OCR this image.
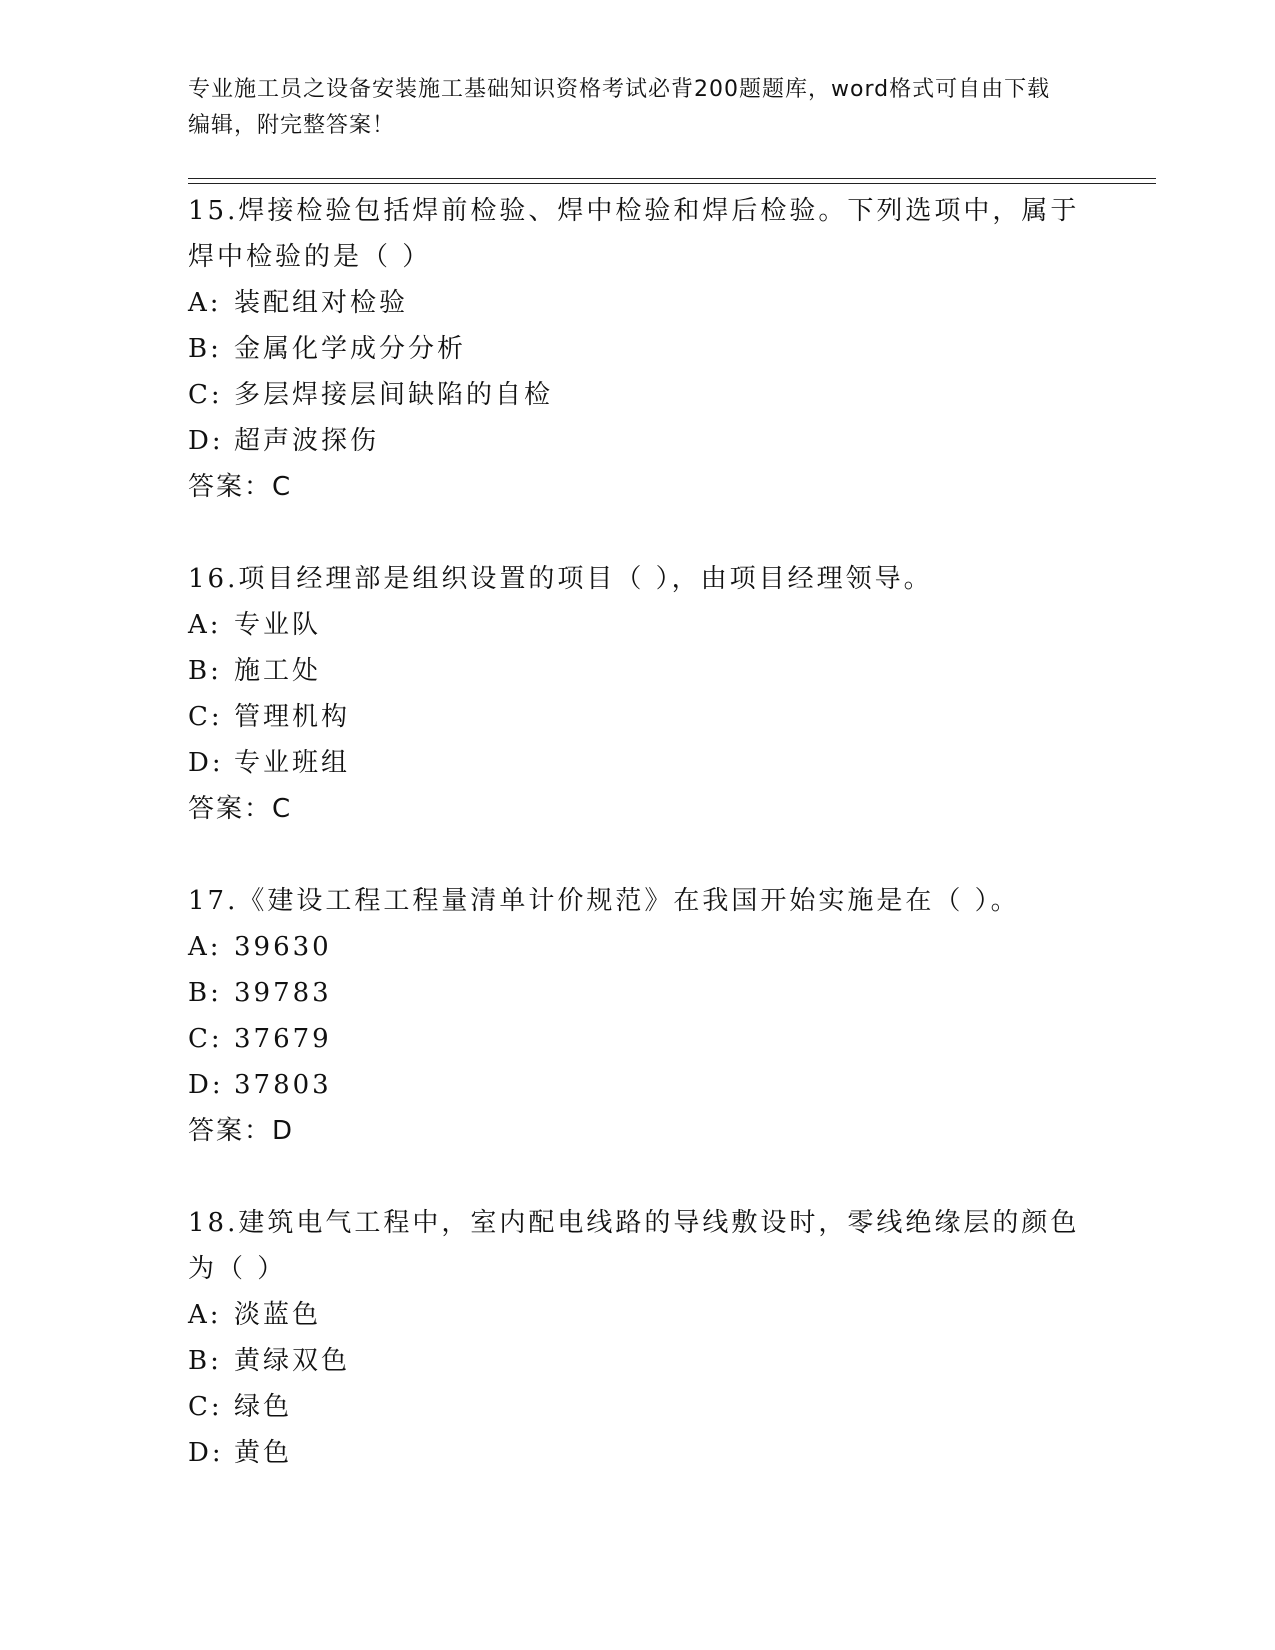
专业施工员之设备安装施工基础知识资格考试必背200题题库，word格式可自由下载编辑，附完整答案！

15.焊接检验包括焊前检验、焊中检验和焊后检验。下列选项中，属于焊中检验的是（ ）

A: 装配组对检验
B: 金属化学成分分析
C: 多层焊接层间缺陷的自检
D: 超声波探伤
答案：C

16.项目经理部是组织设置的项目（ ），由项目经理领导。

A: 专业队
B: 施工处
C: 管理机构
D: 专业班组
答案：C

17.《建设工程工程量清单计价规范》在我国开始实施是在（ ）。

A: 39630
B: 39783
C: 37679
D: 37803
答案：D

18.建筑电气工程中，室内配电线路的导线敷设时，零线绝缘层的颜色为（ ）

A: 淡蓝色
B: 黄绿双色
C: 绿色
D: 黄色
